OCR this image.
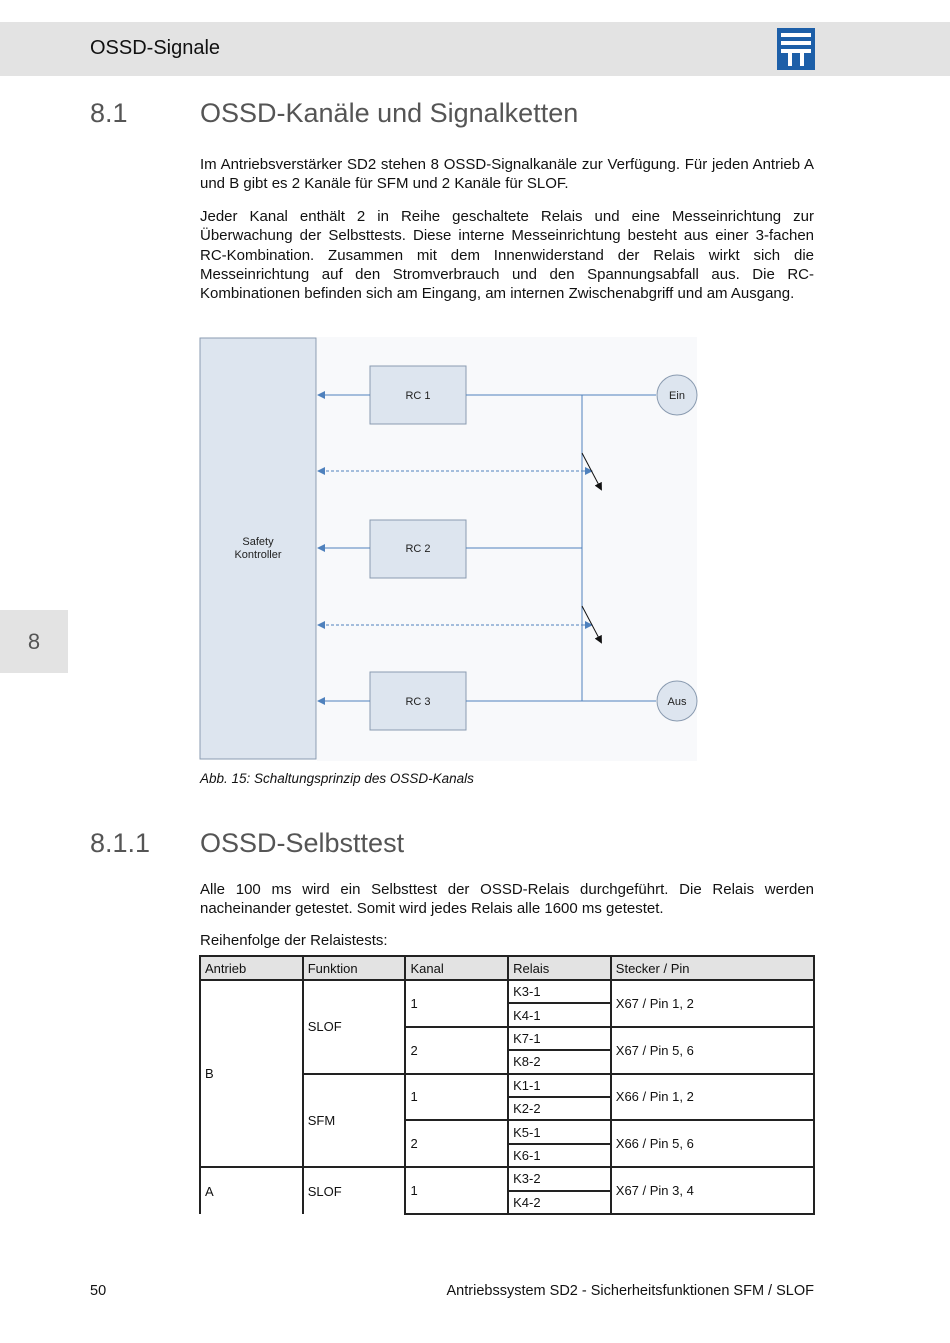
OSSD-Signale
8
8.1	OSSD-Kanäle und Signalketten
Im Antriebsverstärker SD2 stehen 8 OSSD-Signalkanäle zur Verfügung. Für jeden Antrieb A und B gibt es 2 Kanäle für SFM und 2 Kanäle für SLOF.
Jeder Kanal enthält 2 in Reihe geschaltete Relais und eine Messeinrichtung zur Überwachung der Selbsttests. Diese interne Messeinrichtung besteht aus einer 3-fachen RC-Kombination. Zusammen mit dem Innenwiderstand der Relais wirkt sich die Messeinrichtung auf den Stromverbrauch und den Spannungsabfall aus. Die RC-Kombinationen befinden sich am Eingang, am internen Zwischenabgriff und am Ausgang.
Safety
Kontroller
RC 1
RC 2
RC 3
Ein
Aus
Abb. 15: Schaltungsprinzip des OSSD-Kanals
8.1.1 OSSD-Selbsttest
Alle 100 ms wird ein Selbsttest der OSSD-Relais durchgeführt. Die Relais werden nacheinander getestet. Somit wird jedes Relais alle 1600 ms getestet.
Reihenfolge der Relaistests:
Antrieb	Funktion	Kanal	Relais	Stecker / Pin
B	SLOF	1	K3-1	X67 / Pin 1, 2
			K4-1	
		2	K7-1	X67 / Pin 5, 6
			K8-2	
	SFM	1	K1-1	X66 / Pin 1, 2
			K2-2	
		2	K5-1	X66 / Pin 5, 6
			K6-1	
A	SLOF	1	K3-2	X67 / Pin 3, 4
			K4-2	
50	Antriebssystem SD2 - Sicherheitsfunktionen SFM / SLOF
